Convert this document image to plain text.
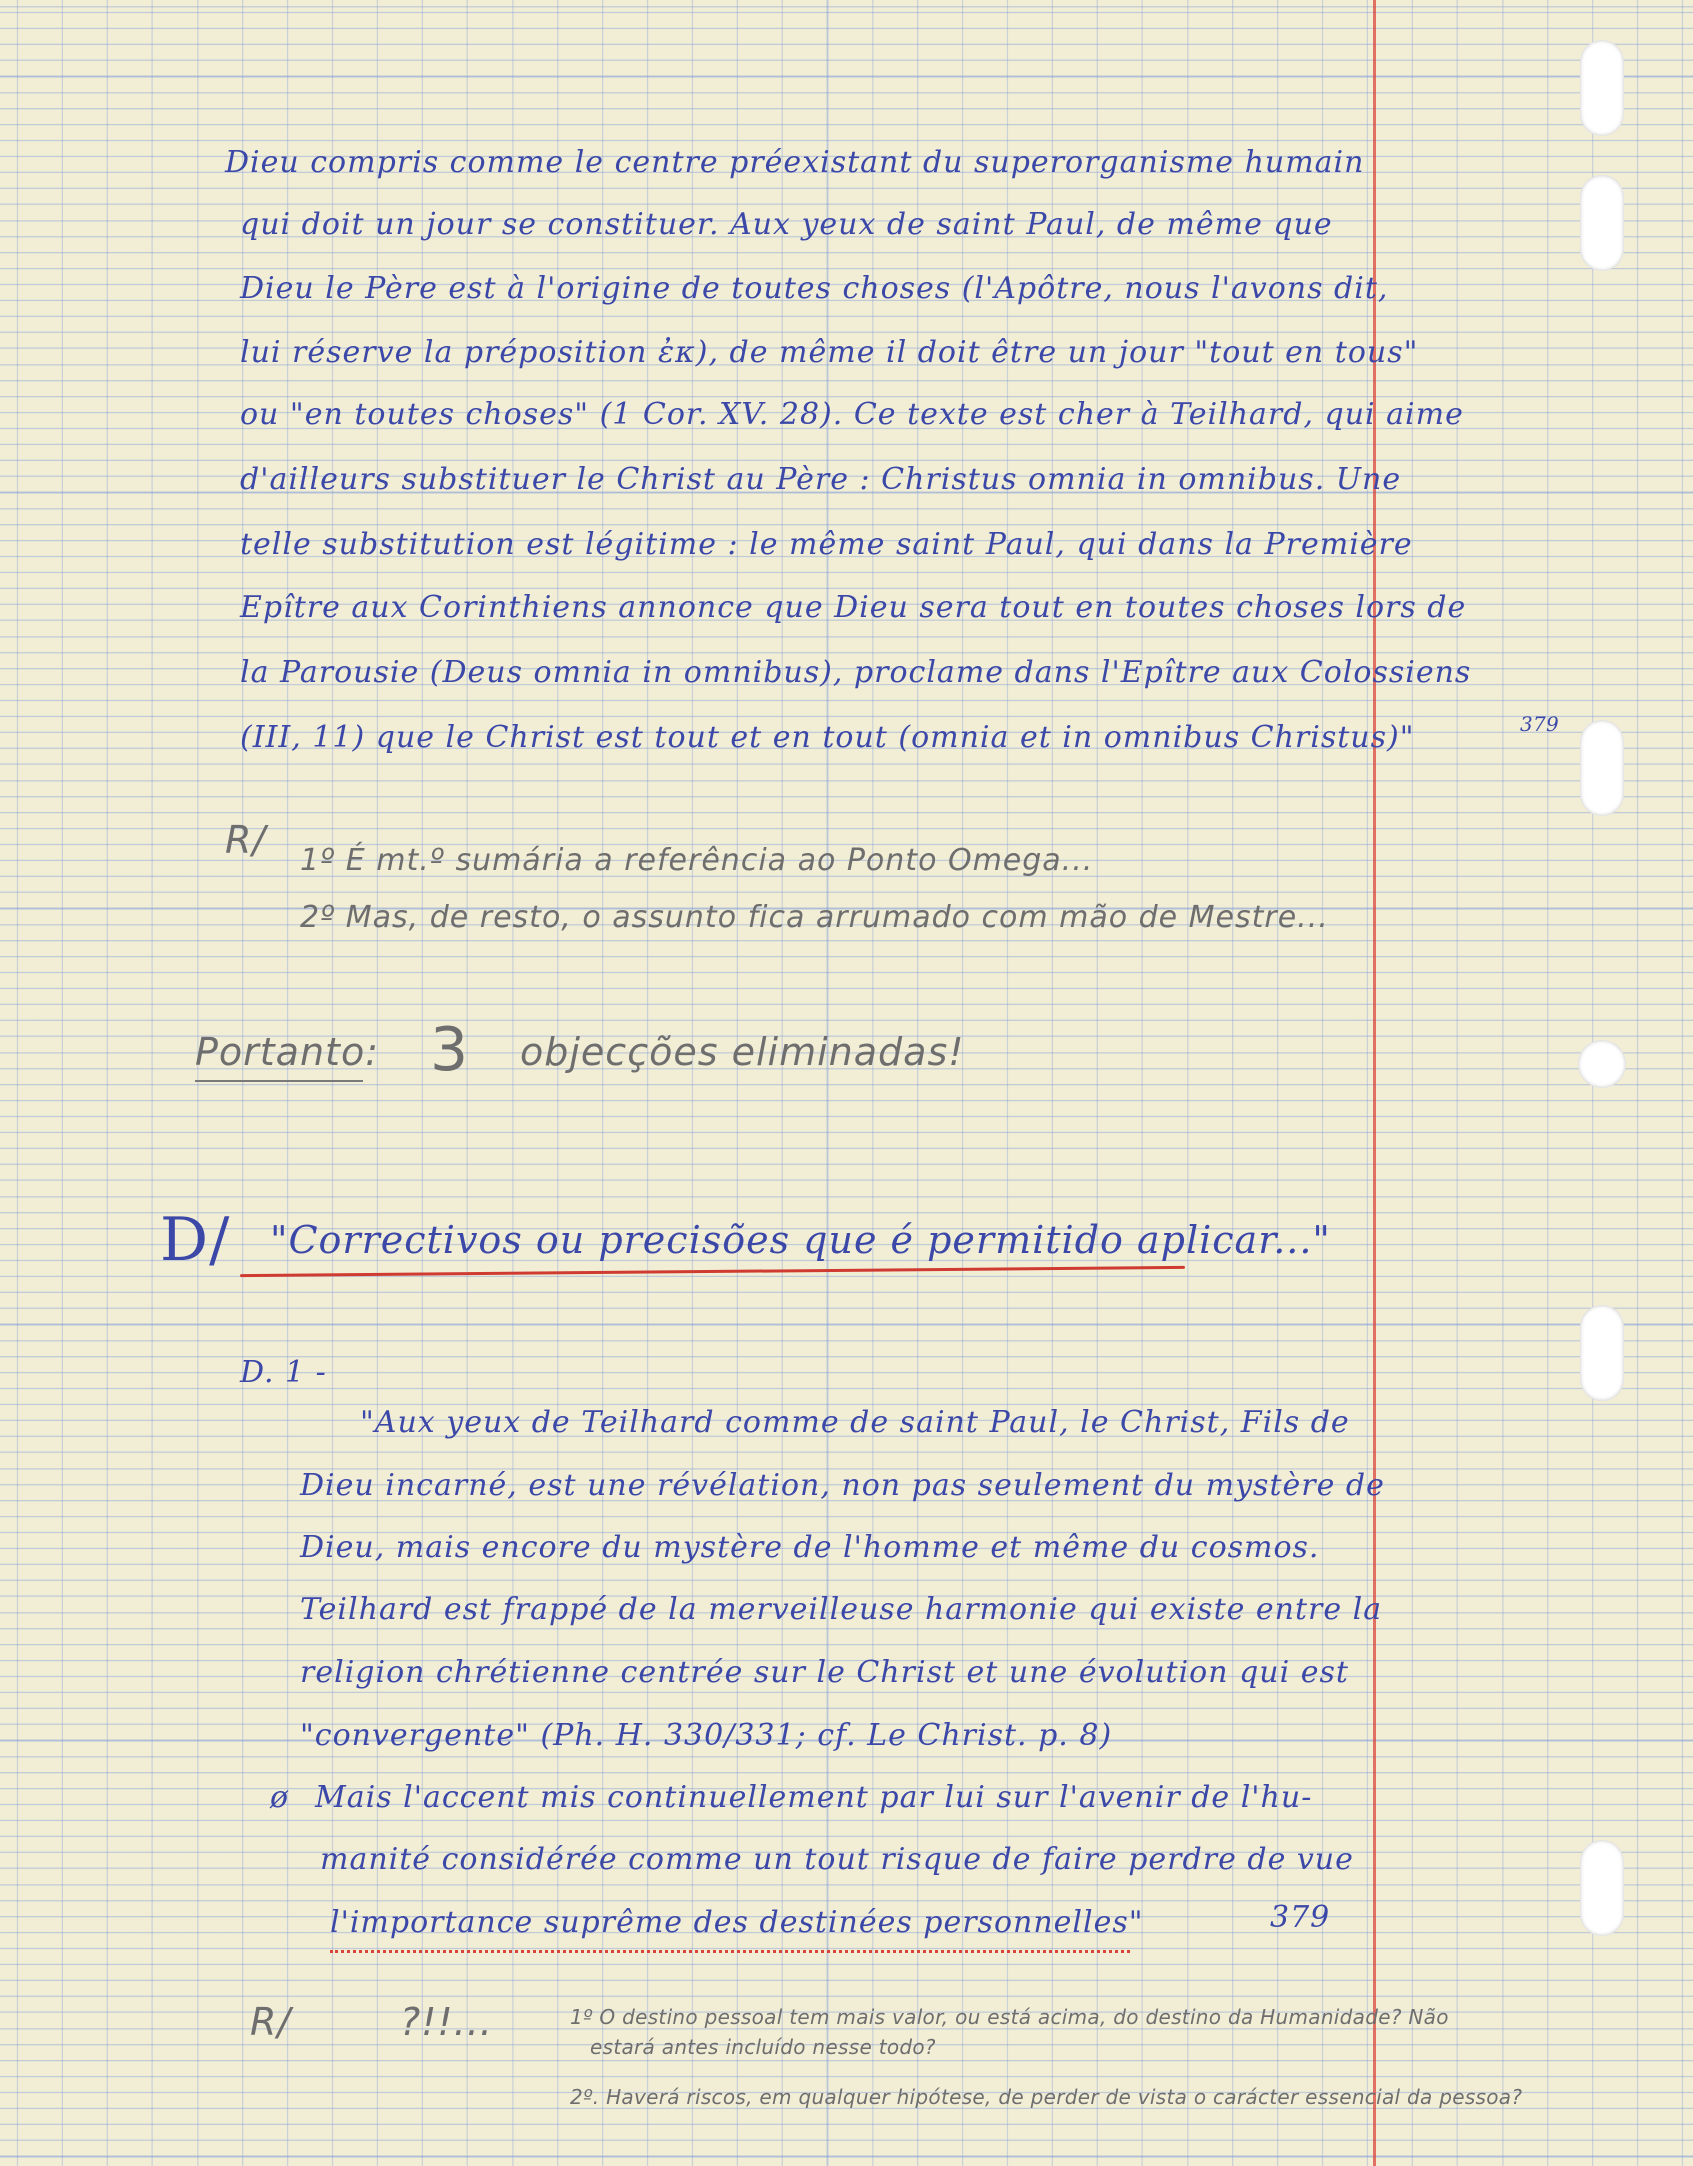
Dieu compris comme le centre préexistant du superorganisme humain
qui doit un jour se constituer. Aux yeux de saint Paul, de même que
Dieu le Père est à l'origine de toutes choses (l'Apôtre, nous l'avons dit,
lui réserve la préposition ἐκ), de même il doit être un jour "tout en tous"
ou "en toutes choses" (1 Cor. XV. 28). Ce texte est cher à Teilhard, qui aime
d'ailleurs substituer le Christ au Père : Christus omnia in omnibus. Une
telle substitution est légitime : le même saint Paul, qui dans la Première
Epître aux Corinthiens annonce que Dieu sera tout en toutes choses lors de
la Parousie (Deus omnia in omnibus), proclame dans l'Epître aux Colossiens
(III, 11) que le Christ est tout et en tout (omnia et in omnibus Christus)"	379
R/ 1º É mt.º sumária a referência ao Ponto Omega...
2º Mas, de resto, o assunto fica arrumado com mão de Mestre...
Portanto: 3 objecções eliminadas!
D/ "Correctivos ou precisões que é permitido aplicar..."
D. 1 -
"Aux yeux de Teilhard comme de saint Paul, le Christ, Fils de
Dieu incarné, est une révélation, non pas seulement du mystère de
Dieu, mais encore du mystère de l'homme et même du cosmos.
Teilhard est frappé de la merveilleuse harmonie qui existe entre la
religion chrétienne centrée sur le Christ et une évolution qui est
"convergente" (Ph. H. 330/331; cf. Le Christ. p. 8)
ø Mais l'accent mis continuellement par lui sur l'avenir de l'hu-
manité considérée comme un tout risque de faire perdre de vue
l'importance suprême des destinées personnelles"	379
R/	?!!...	1º O destino pessoal tem mais valor, ou está acima, do destino da Humanidade? Não
estará antes incluído nesse todo?
2º. Haverá riscos, em qualquer hipótese, de perder de vista o carácter essencial da pessoa?
